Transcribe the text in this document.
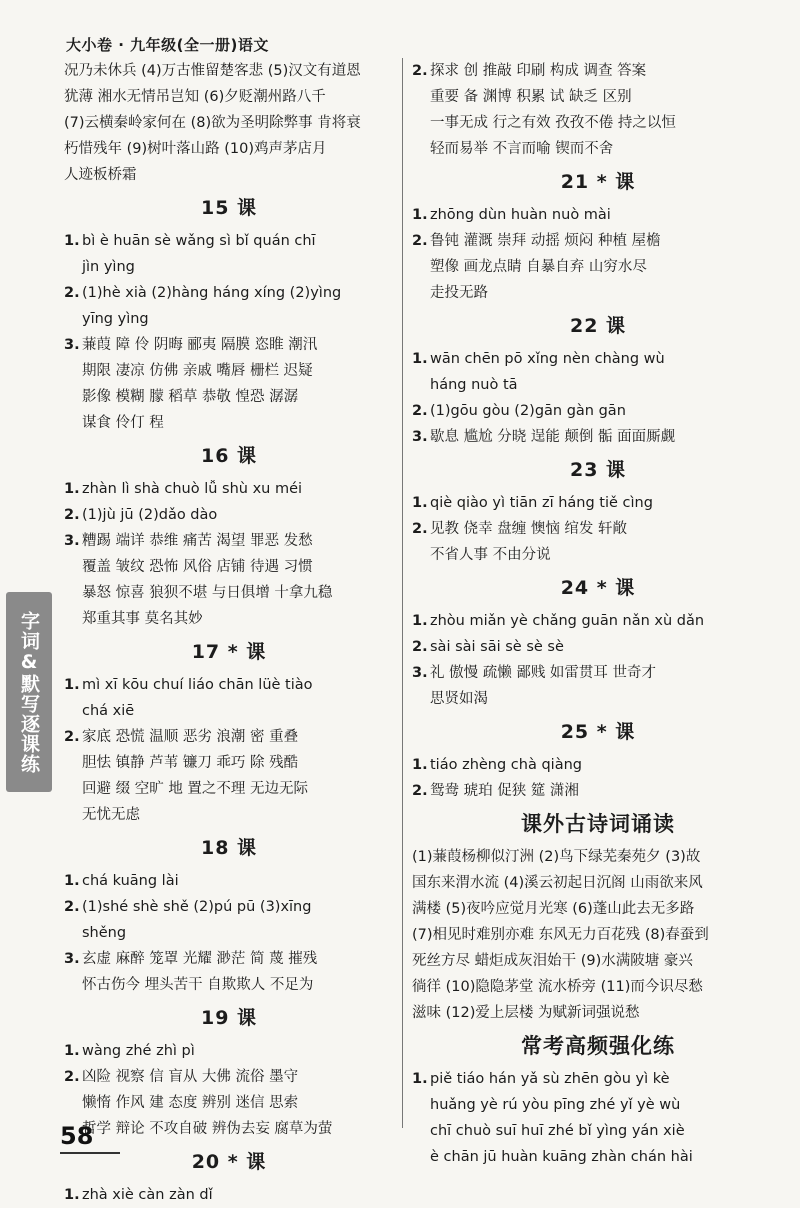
大小卷 · 九年级(全一册)语文
况乃未休兵 (4)万古惟留楚客悲 (5)汉文有道恩
犹薄 湘水无情吊岂知 (6)夕贬潮州路八千
(7)云横秦岭家何在 (8)欲为圣明除弊事 肯将衰
朽惜残年 (9)树叶落山路 (10)鸡声茅店月
人迹板桥霜
15 课
1. bì è huān sè wǎng sì bǐ quán chī
jìn yìng
2. (1)hè xià (2)hàng háng xíng (2)yìng
yīng yìng
3. 蒹葭 障 伶 阴晦 郦夷 隔膜 恣睢 潮汛
期限 凄凉 仿佛 亲戚 嘴唇 栅栏 迟疑
影像 模糊 朦 稻草 恭敬 惶恐 潺潺
谋食 伶仃 程
16 课
1. zhàn lì shà chuò lǚ shù xu méi
2. (1)jù jū (2)dǎo dào
3. 糟踢 端详 恭维 痛苦 渴望 罪恶 发愁
覆盖 皱纹 恐怖 风俗 店铺 待遇 习惯
暴怒 惊喜 狼狈不堪 与日俱增 十拿九稳
郑重其事 莫名其妙
17 * 课
1. mì xī kōu chuí liáo chān lüè tiào
chá xiē
2. 家底 恐慌 温顺 恶劣 浪潮 密 重叠
胆怯 镇静 芦苇 镰刀 乖巧 除 残酷
回避 缀 空旷 地 置之不理 无边无际
无忧无虑
18 课
1. chá kuāng lài
2. (1)shé shè shě (2)pú pū (3)xīng
shěng
3. 玄虚 麻醉 笼罩 光耀 渺茫 简 蔑 摧残
怀古伤今 埋头苦干 自欺欺人 不足为
19 课
1. wàng zhé zhì pì
2. 凶险 视察 信 盲从 大佛 流俗 墨守
懒惰 作风 建 态度 辨别 迷信 思索
哲学 辩论 不攻自破 辨伪去妄 腐草为萤
20 * 课
1. zhà xiè càn zàn dǐ
2. 探求 创 推敲 印刷 构成 调查 答案
重要 备 渊博 积累 试 缺乏 区别
一事无成 行之有效 孜孜不倦 持之以恒
轻而易举 不言而喻 锲而不舍
21 * 课
1. zhōng dùn huàn nuò mài
2. 鲁钝 灌溉 崇拜 动摇 烦闷 种植 屋檐
塑像 画龙点睛 自暴自弃 山穷水尽
走投无路
22 课
1. wān chēn pō xǐng nèn chàng wù
háng nuò tā
2. (1)gōu gòu (2)gān gàn gān
3. 歇息 尴尬 分晓 逞能 颠倒 骺 面面厮觑
23 课
1. qiè qiào yì tiān zī háng tiě cìng
2. 见教 侥幸 盘缠 懊恼 绾发 轩敞
不省人事 不由分说
24 * 课
1. zhòu miǎn yè chǎng guān nǎn xù dǎn
2. sài sài sāi sè sè sè
3. 礼 傲慢 疏懒 鄙贱 如雷贯耳 世奇才
思贤如渴
25 * 课
1. tiáo zhèng chà qiàng
2. 鸳鸯 琥珀 促狭 筵 潇湘
课外古诗词诵读
(1)蒹葭杨柳似汀洲 (2)鸟下绿芜秦苑夕 (3)故
国东来渭水流 (4)溪云初起日沉阁 山雨欲来风
满楼 (5)夜吟应觉月光寒 (6)蓬山此去无多路
(7)相见时难别亦难 东风无力百花残 (8)春蚕到
死丝方尽 蜡炬成灰泪始干 (9)水满陂塘 豪兴
徜徉 (10)隐隐茅堂 流水桥旁 (11)而今识尽愁
滋味 (12)爱上层楼 为赋新词强说愁
常考高频强化练
1. piě tiáo hán yǎ sù zhēn gòu yì kè
huǎng yè rú yòu pīng zhé yǐ yè wù
chī chuò suī huī zhé bǐ yìng yán xiè
è chān jū huàn kuāng zhàn chán hài
字词&默写逐课练
58
